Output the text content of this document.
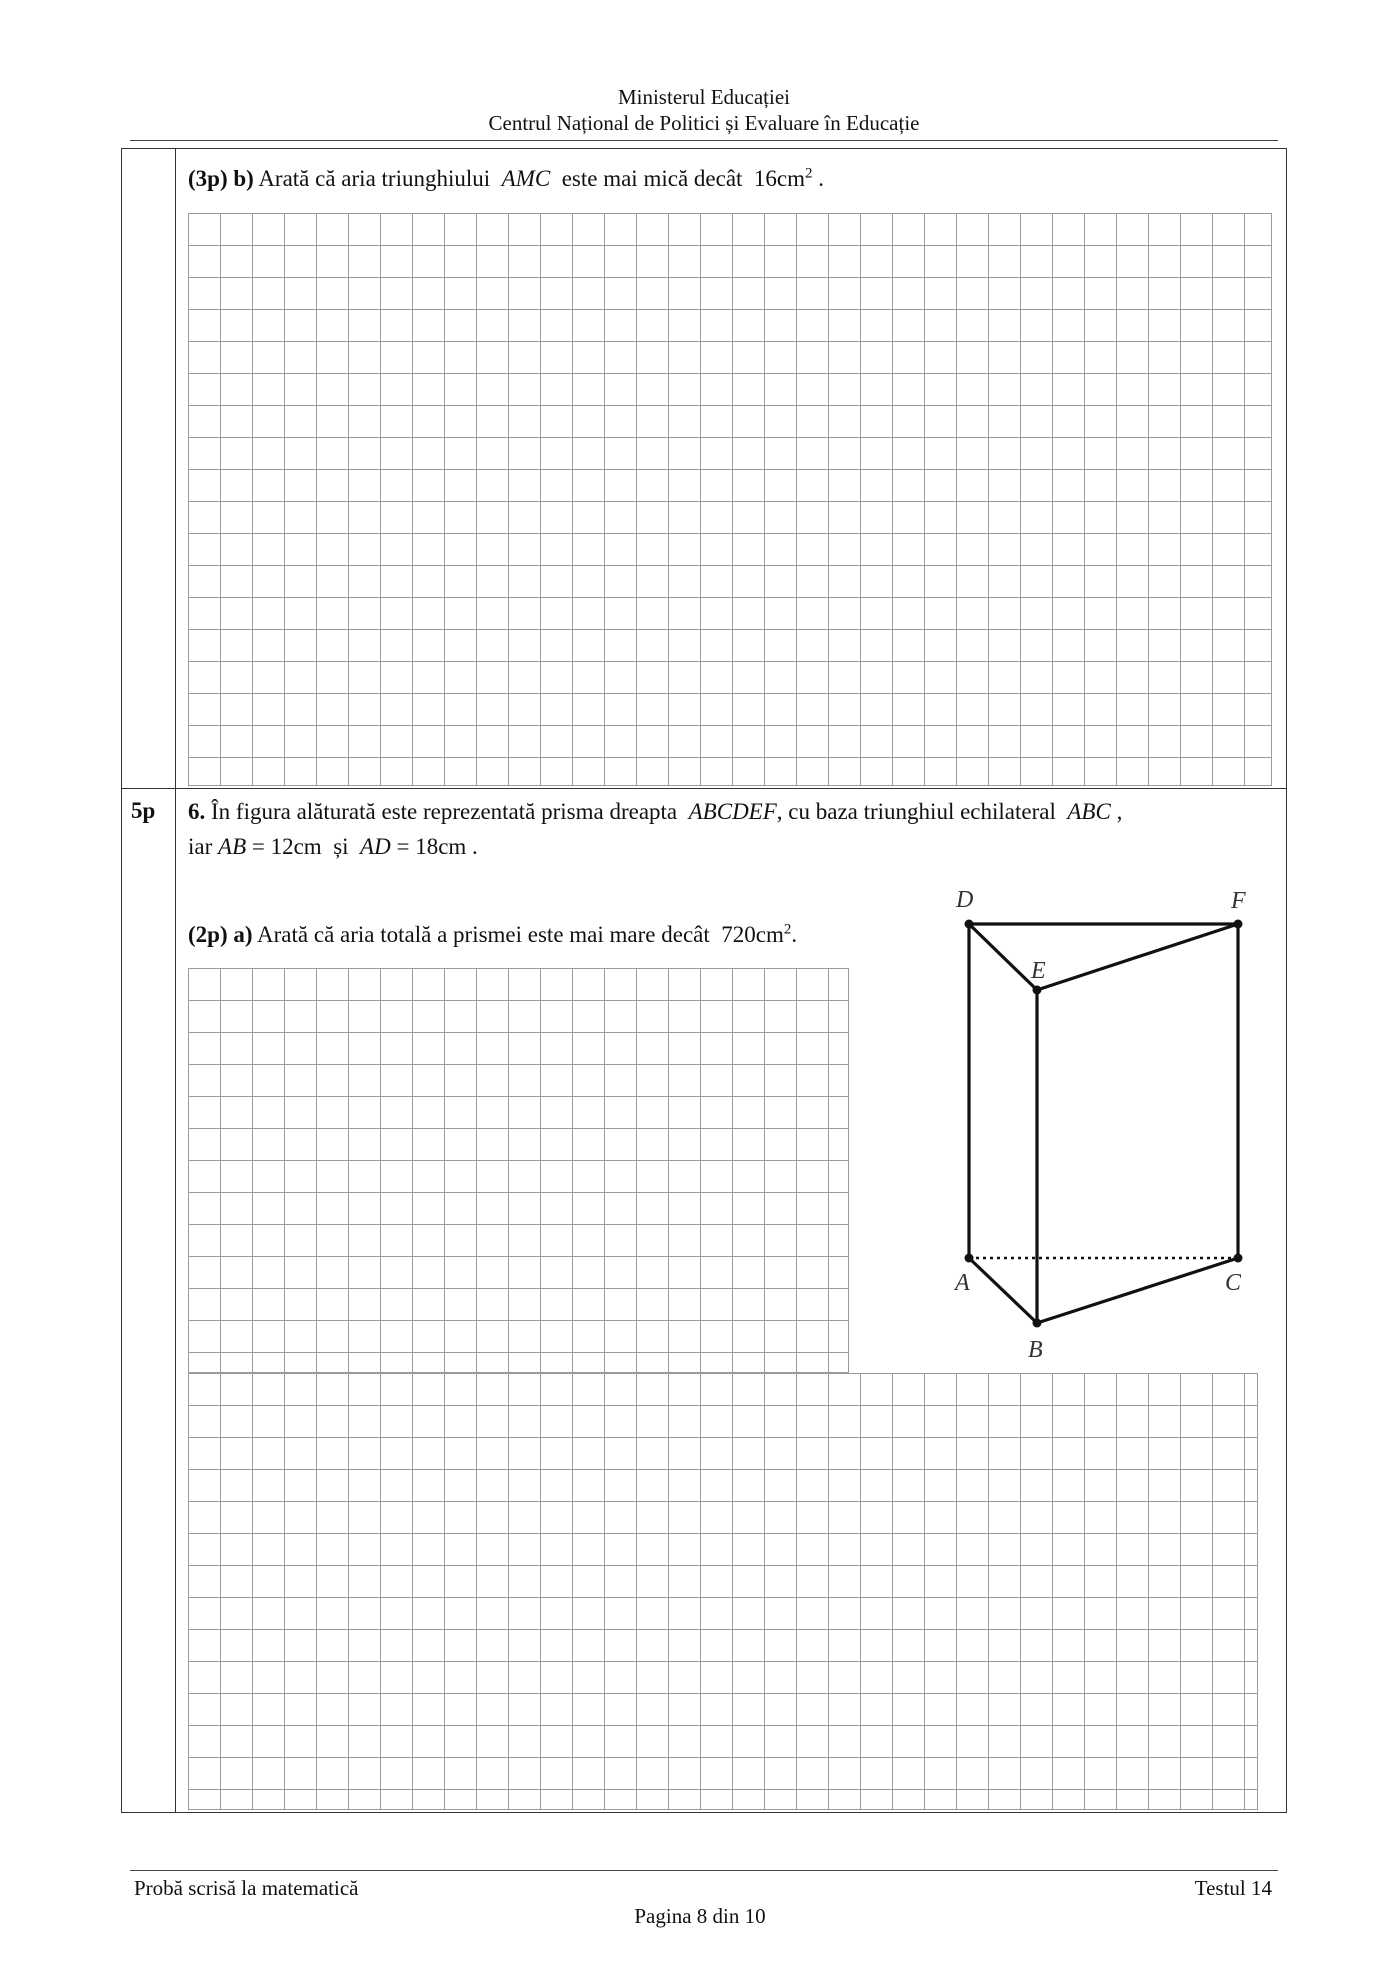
Ministerul Educației
Centrul Național de Politici și Evaluare în Educație
(3p) b) Arată că aria triunghiului AMC este mai mică decât $16cm^2$ .
5p 6. În figura alăturată este reprezentată prisma dreapta ABCDEF, cu baza triunghiul echilateral ABC ,
iar AB = 12cm și AD = 18cm .
(2p) a) Arată că aria totală a prismei este mai mare decât $720cm^2$.
D	F
E
A	C
B
Probă scrisă la matematică	Testul 14
Pagina 8 din 10
